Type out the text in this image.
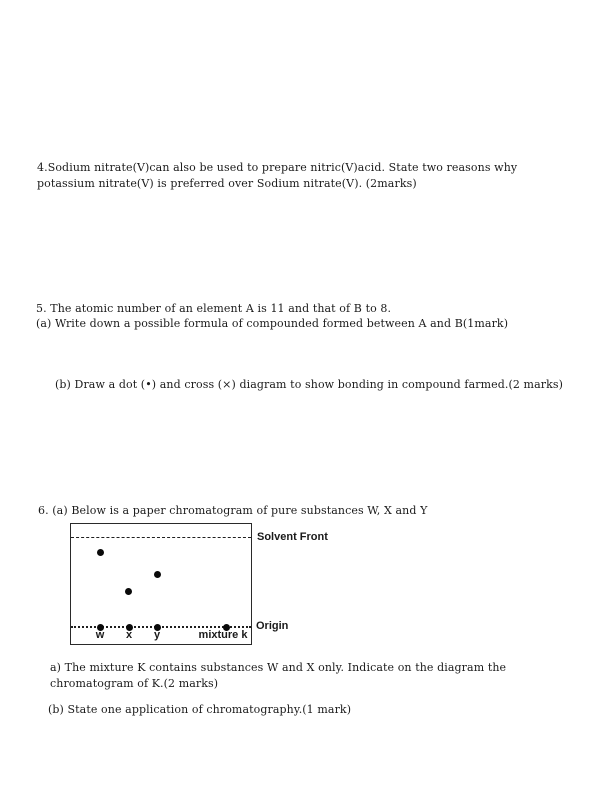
4.Sodium nitrate(V)can also be used to prepare nitric(V)acid. State two reasons why
potassium nitrate(V) is preferred over Sodium nitrate(V). (2marks)
5. The atomic number of an element A is 11 and that of B to 8.
(a) Write down a possible formula of compounded formed between A and B(1mark)
(b) Draw a dot (•) and cross (×) diagram to show bonding in compound farmed.(2 marks)
6. (a) Below is a paper chromatogram of pure substances W, X and Y
w x y	mixture k
Solvent Front
Origin
a) The mixture K contains substances W and X only. Indicate on the diagram the
chromatogram of K.(2 marks)
(b) State one application of chromatography.(1 mark)
